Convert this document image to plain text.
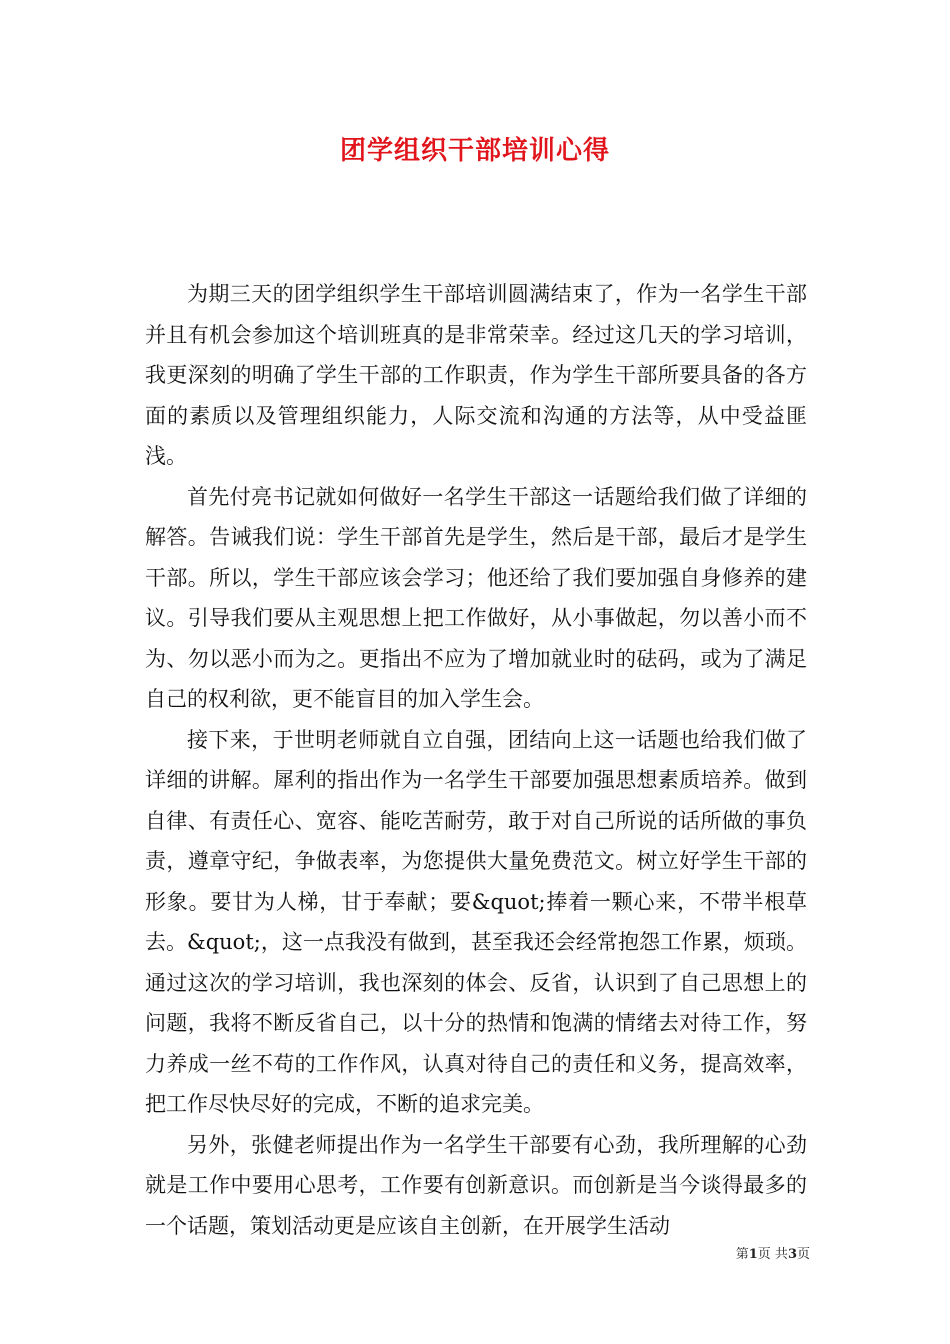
团学组织干部培训心得

为期三天的团学组织学生干部培训圆满结束了，作为一名学生干部并且有机会参加这个培训班真的是非常荣幸。经过这几天的学习培训，我更深刻的明确了学生干部的工作职责，作为学生干部所要具备的各方面的素质以及管理组织能力，人际交流和沟通的方法等，从中受益匪浅。

首先付亮书记就如何做好一名学生干部这一话题给我们做了详细的解答。告诫我们说：学生干部首先是学生，然后是干部，最后才是学生干部。所以，学生干部应该会学习；他还给了我们要加强自身修养的建议。引导我们要从主观思想上把工作做好，从小事做起，勿以善小而不为、勿以恶小而为之。更指出不应为了增加就业时的砝码，或为了满足自己的权利欲，更不能盲目的加入学生会。

接下来，于世明老师就自立自强，团结向上这一话题也给我们做了详细的讲解。犀利的指出作为一名学生干部要加强思想素质培养。做到自律、有责任心、宽容、能吃苦耐劳，敢于对自己所说的话所做的事负责，遵章守纪，争做表率，为您提供大量免费范文。树立好学生干部的形象。要甘为人梯，甘于奉献；要&quot;捧着一颗心来，不带半根草去。&quot;，这一点我没有做到，甚至我还会经常抱怨工作累，烦琐。通过这次的学习培训，我也深刻的体会、反省，认识到了自己思想上的问题，我将不断反省自己，以十分的热情和饱满的情绪去对待工作，努力养成一丝不苟的工作作风，认真对待自己的责任和义务，提高效率，把工作尽快尽好的完成，不断的追求完美。

另外，张健老师提出作为一名学生干部要有心劲，我所理解的心劲就是工作中要用心思考，工作要有创新意识。而创新是当今谈得最多的一个话题，策划活动更是应该自主创新，在开展学生活动

第1页 共3页
